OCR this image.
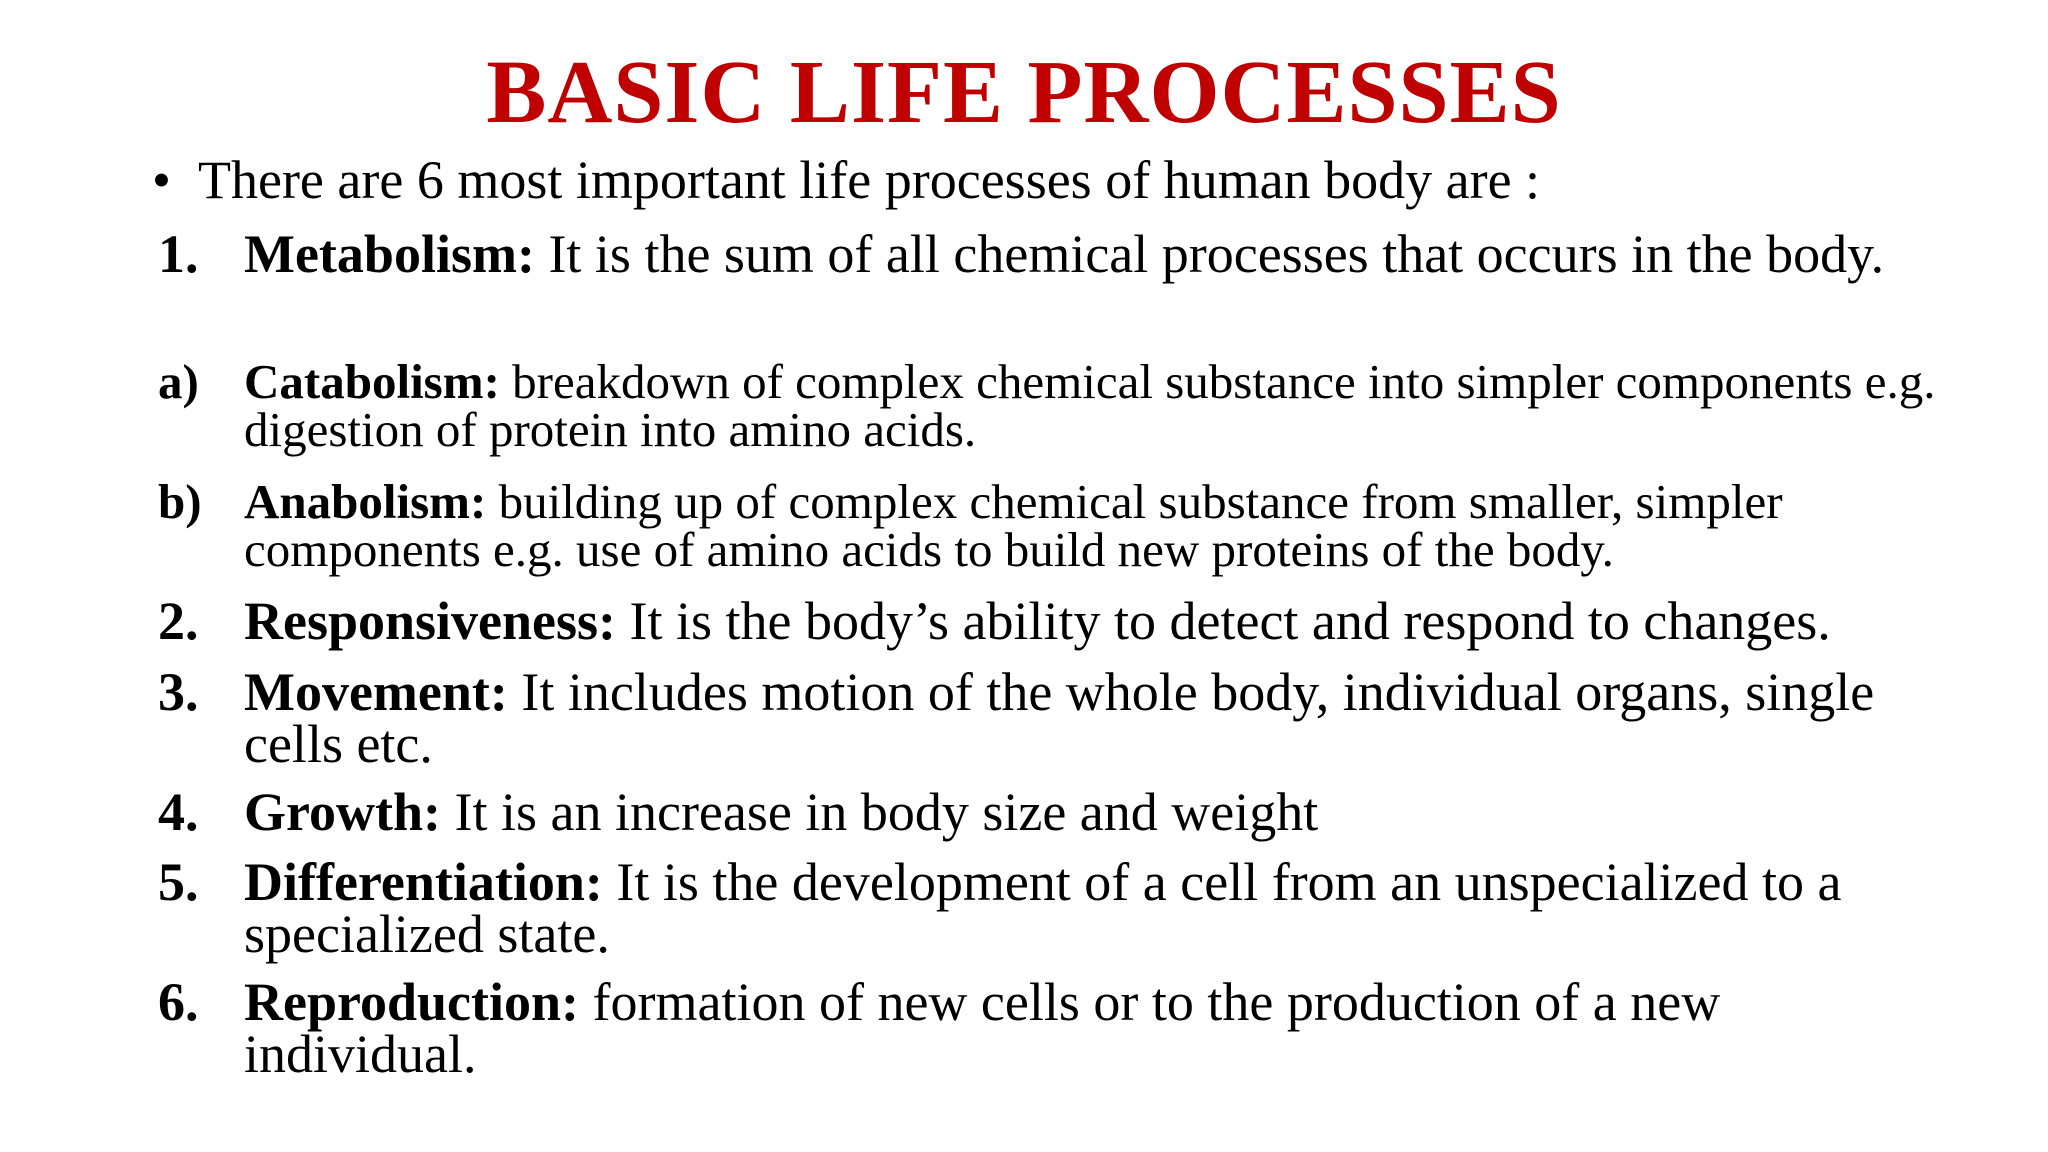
BASIC LIFE PROCESSES
• There are 6 most important life processes of human body are :
1. Metabolism: It is the sum of all chemical processes that occurs in the body.
a) Catabolism: breakdown of complex chemical substance into simpler components e.g. digestion of protein into amino acids.
b) Anabolism: building up of complex chemical substance from smaller, simpler components e.g. use of amino acids to build new proteins of the body.
2. Responsiveness: It is the body’s ability to detect and respond to changes.
3. Movement: It includes motion of the whole body, individual organs, single cells etc.
4. Growth: It is an increase in body size and weight
5. Differentiation: It is the development of a cell from an unspecialized to a specialized state.
6. Reproduction: formation of new cells or to the production of a new individual.
